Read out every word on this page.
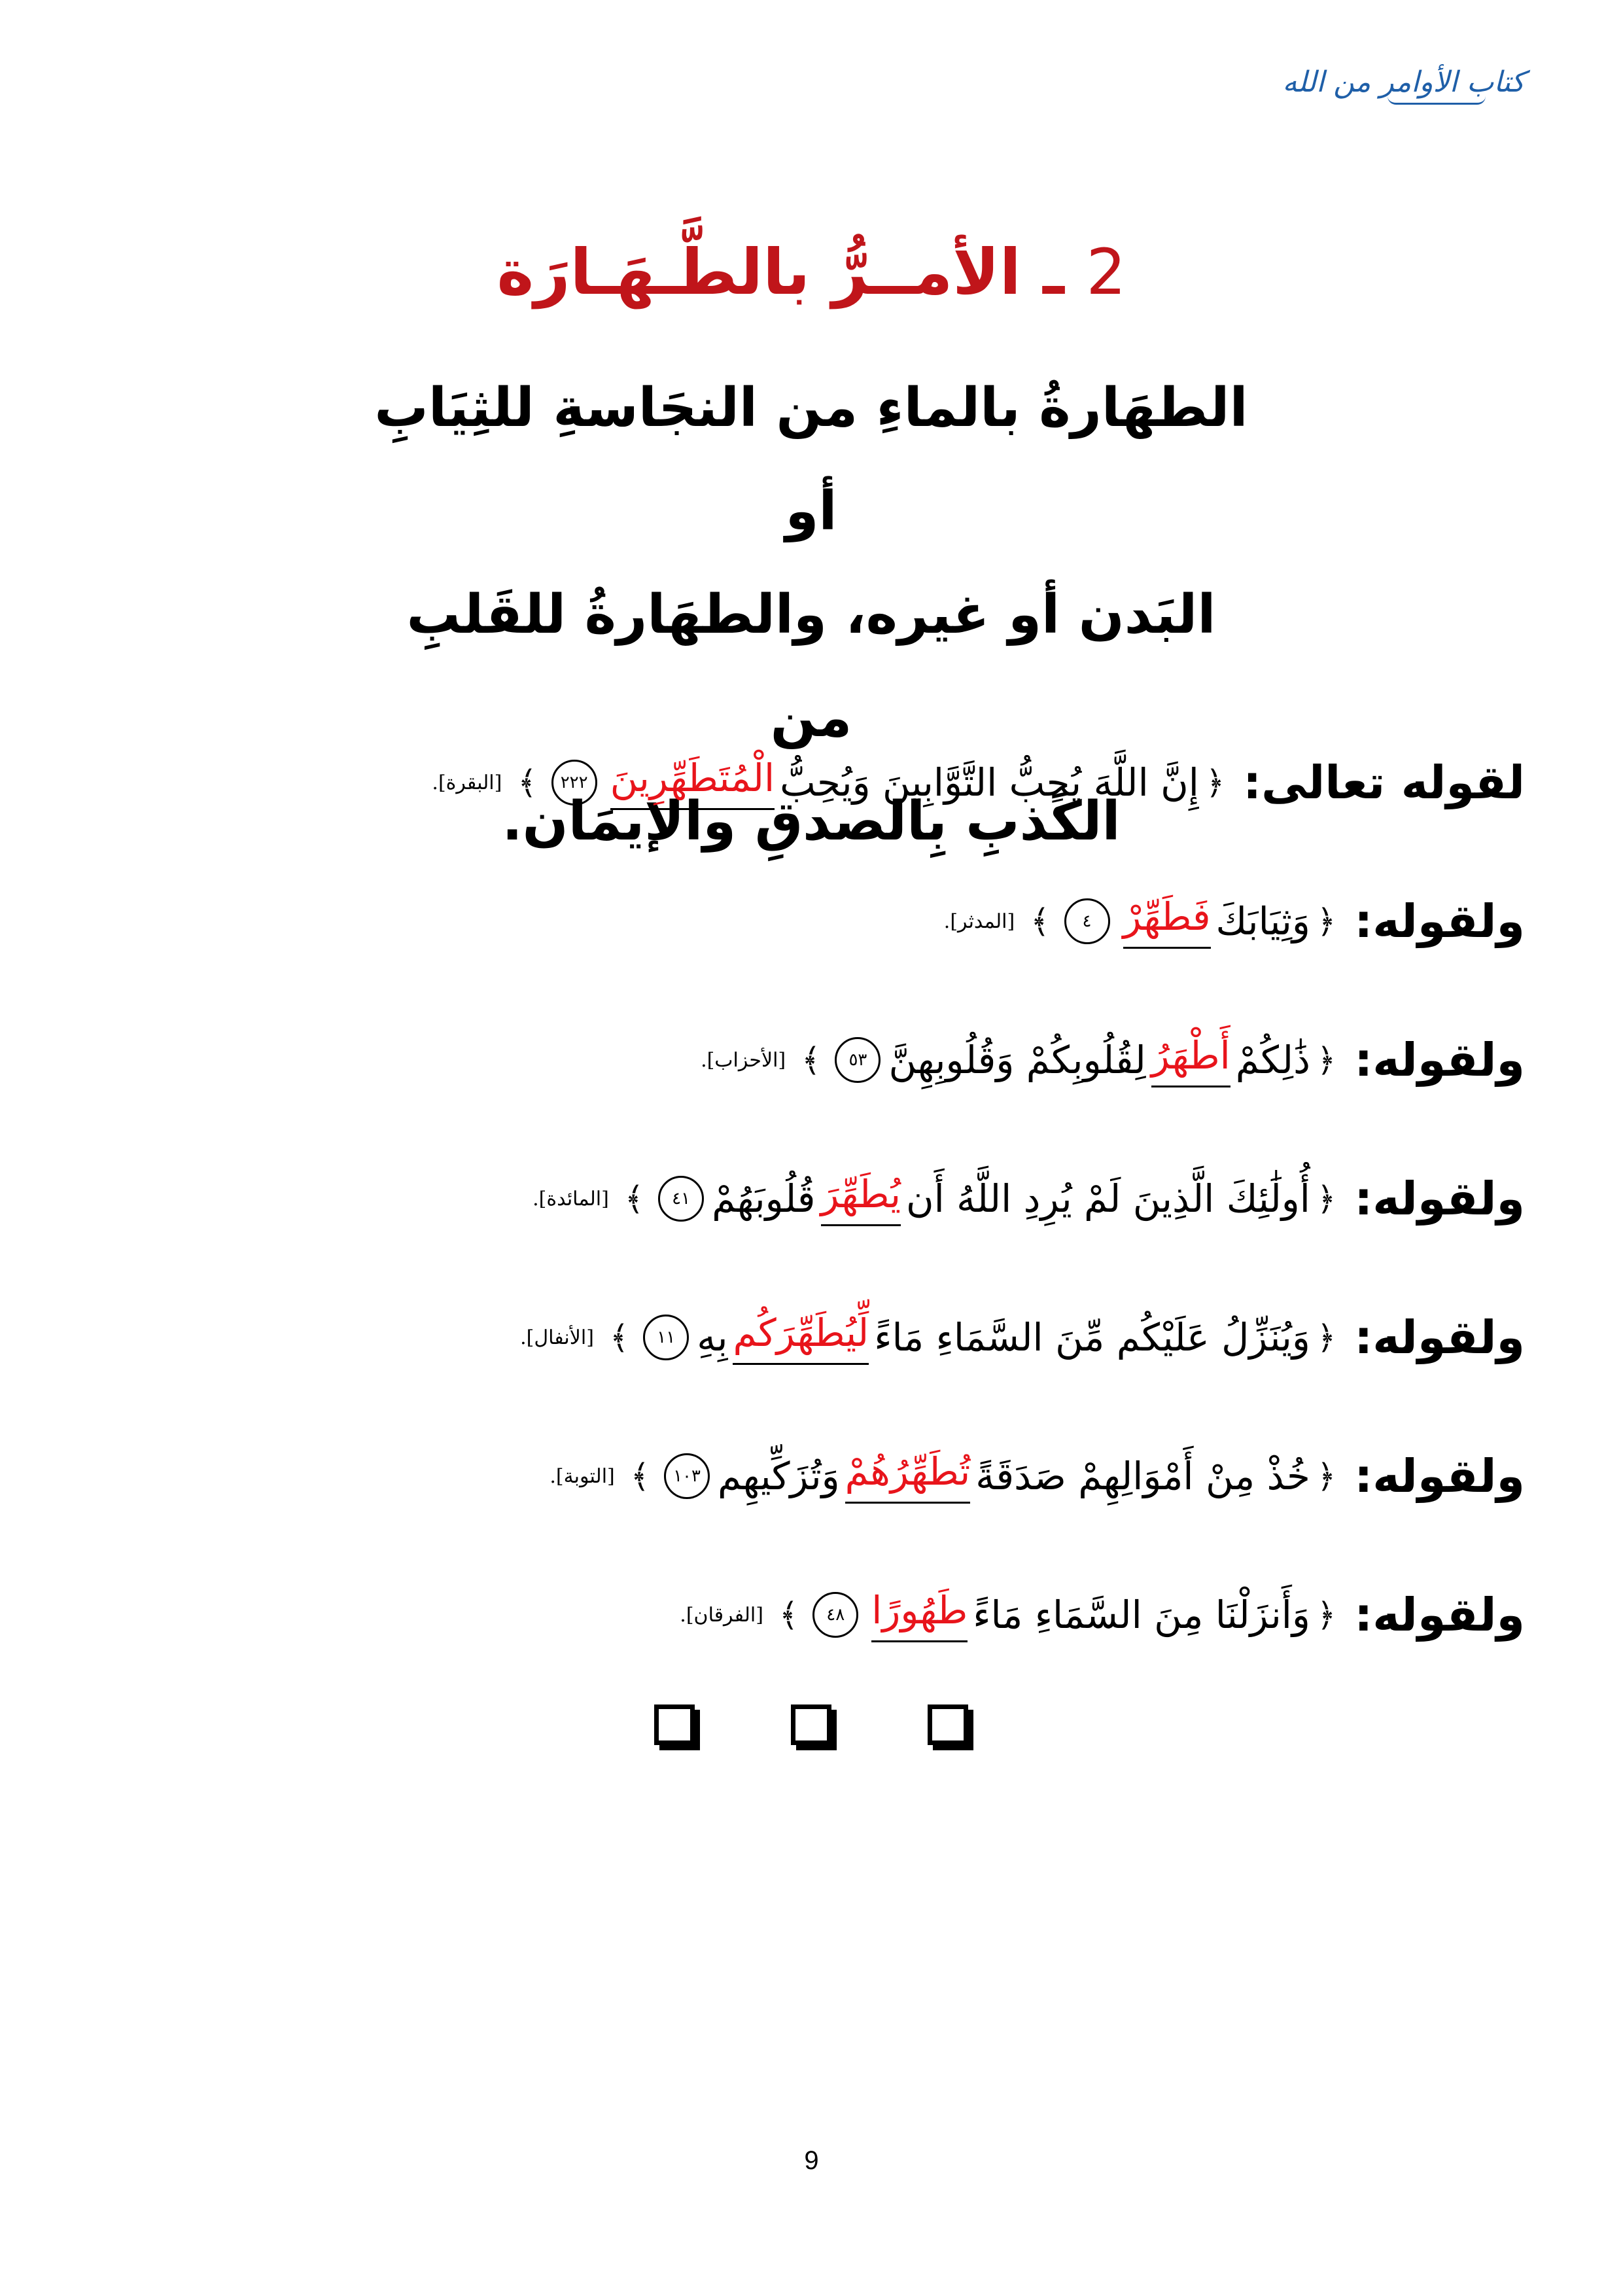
كتاب الأوامر من الله
2 ـ الأمــرُّ بالطَّـهَـارَة
الطهَارةُ بالماءِ من النجَاسةِ للثِيَابِ أو
البَدن أو غيره، والطهَارةُ للقَلبِ من
الكَذبِ بِالصدقِ والإيمَان.
لقوله تعالى:
﴿
إِنَّ اللَّهَ يُحِبُّ التَّوَّابِينَ وَيُحِبُّ
الْمُتَطَهِّرِينَ
٢٢٢
﴾
[البقرة].
ولقوله:
﴿
وَثِيَابَكَ
فَطَهِّرْ
٤
﴾
[المدثر].
ولقوله:
﴿
ذَٰلِكُمْ
أَطْهَرُ
لِقُلُوبِكُمْ وَقُلُوبِهِنَّ
٥٣
﴾
[الأحزاب].
ولقوله:
﴿
أُولَٰئِكَ الَّذِينَ لَمْ يُرِدِ اللَّهُ أَن
يُطَهِّرَ
قُلُوبَهُمْ
٤١
﴾
[المائدة].
ولقوله:
﴿
وَيُنَزِّلُ عَلَيْكُم مِّنَ السَّمَاءِ مَاءً
لِّيُطَهِّرَكُم
بِهِ
١١
﴾
[الأنفال].
ولقوله:
﴿
خُذْ مِنْ أَمْوَالِهِمْ صَدَقَةً
تُطَهِّرُهُمْ
وَتُزَكِّيهِم
١٠٣
﴾
[التوبة].
ولقوله:
﴿
وَأَنزَلْنَا مِنَ السَّمَاءِ مَاءً
طَهُورًا
٤٨
﴾
[الفرقان].
9
